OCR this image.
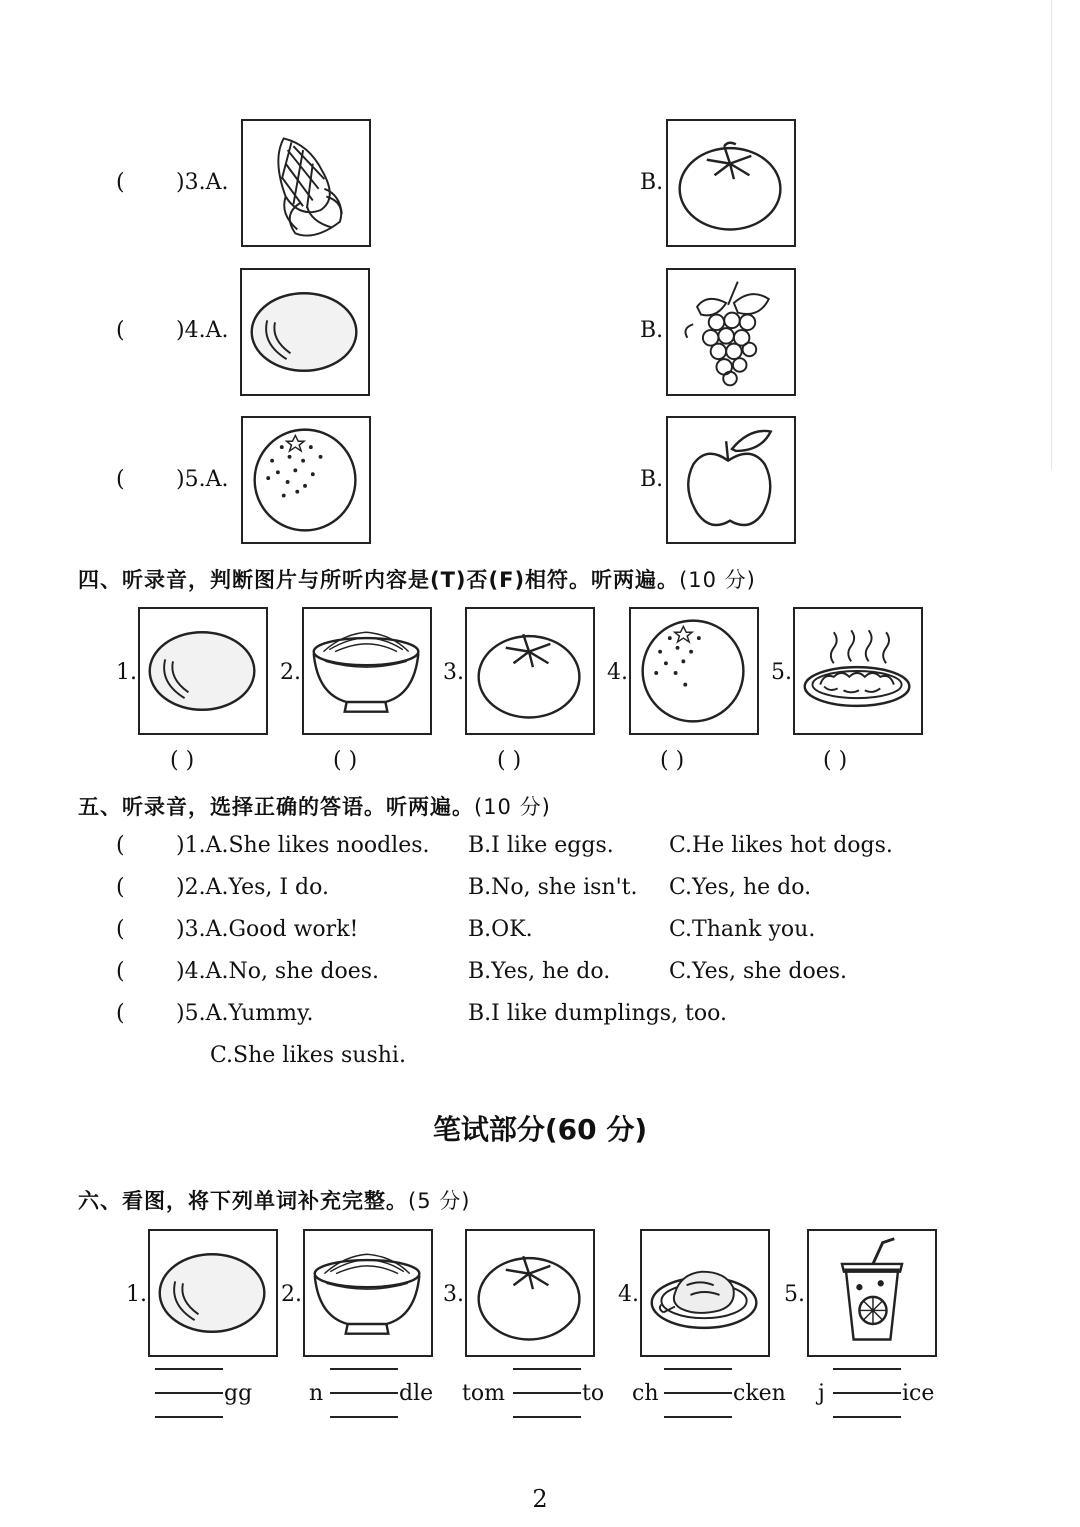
( )3.A.	B.
( )4.A.	B.
( )5.A.	B.
四、听录音，判断图片与所听内容是(T)否(F)相符。听两遍。(10 分)
1.	2.	3.	4.	5.
( )	( )	( )	( )	( )
五、听录音，选择正确的答语。听两遍。(10 分)
( )1.A.She likes noodles. B.I like eggs.	C.He likes hot dogs.
( )2.A.Yes, I do.	B.No, she isn't. C.Yes, he do.
( )3.A.Good work!	B.OK.	C.Thank you.
( )4.A.No, she does.	B.Yes, he do.	C.Yes, she does.
( )5.A.Yummy.	B.I like dumplings, too.
C.She likes sushi.
笔试部分(60 分)
六、看图，将下列单词补充完整。(5 分)
1.	2.	3.	4.	5.
gg	n	dle tom	to ch	cken j	ice
2
